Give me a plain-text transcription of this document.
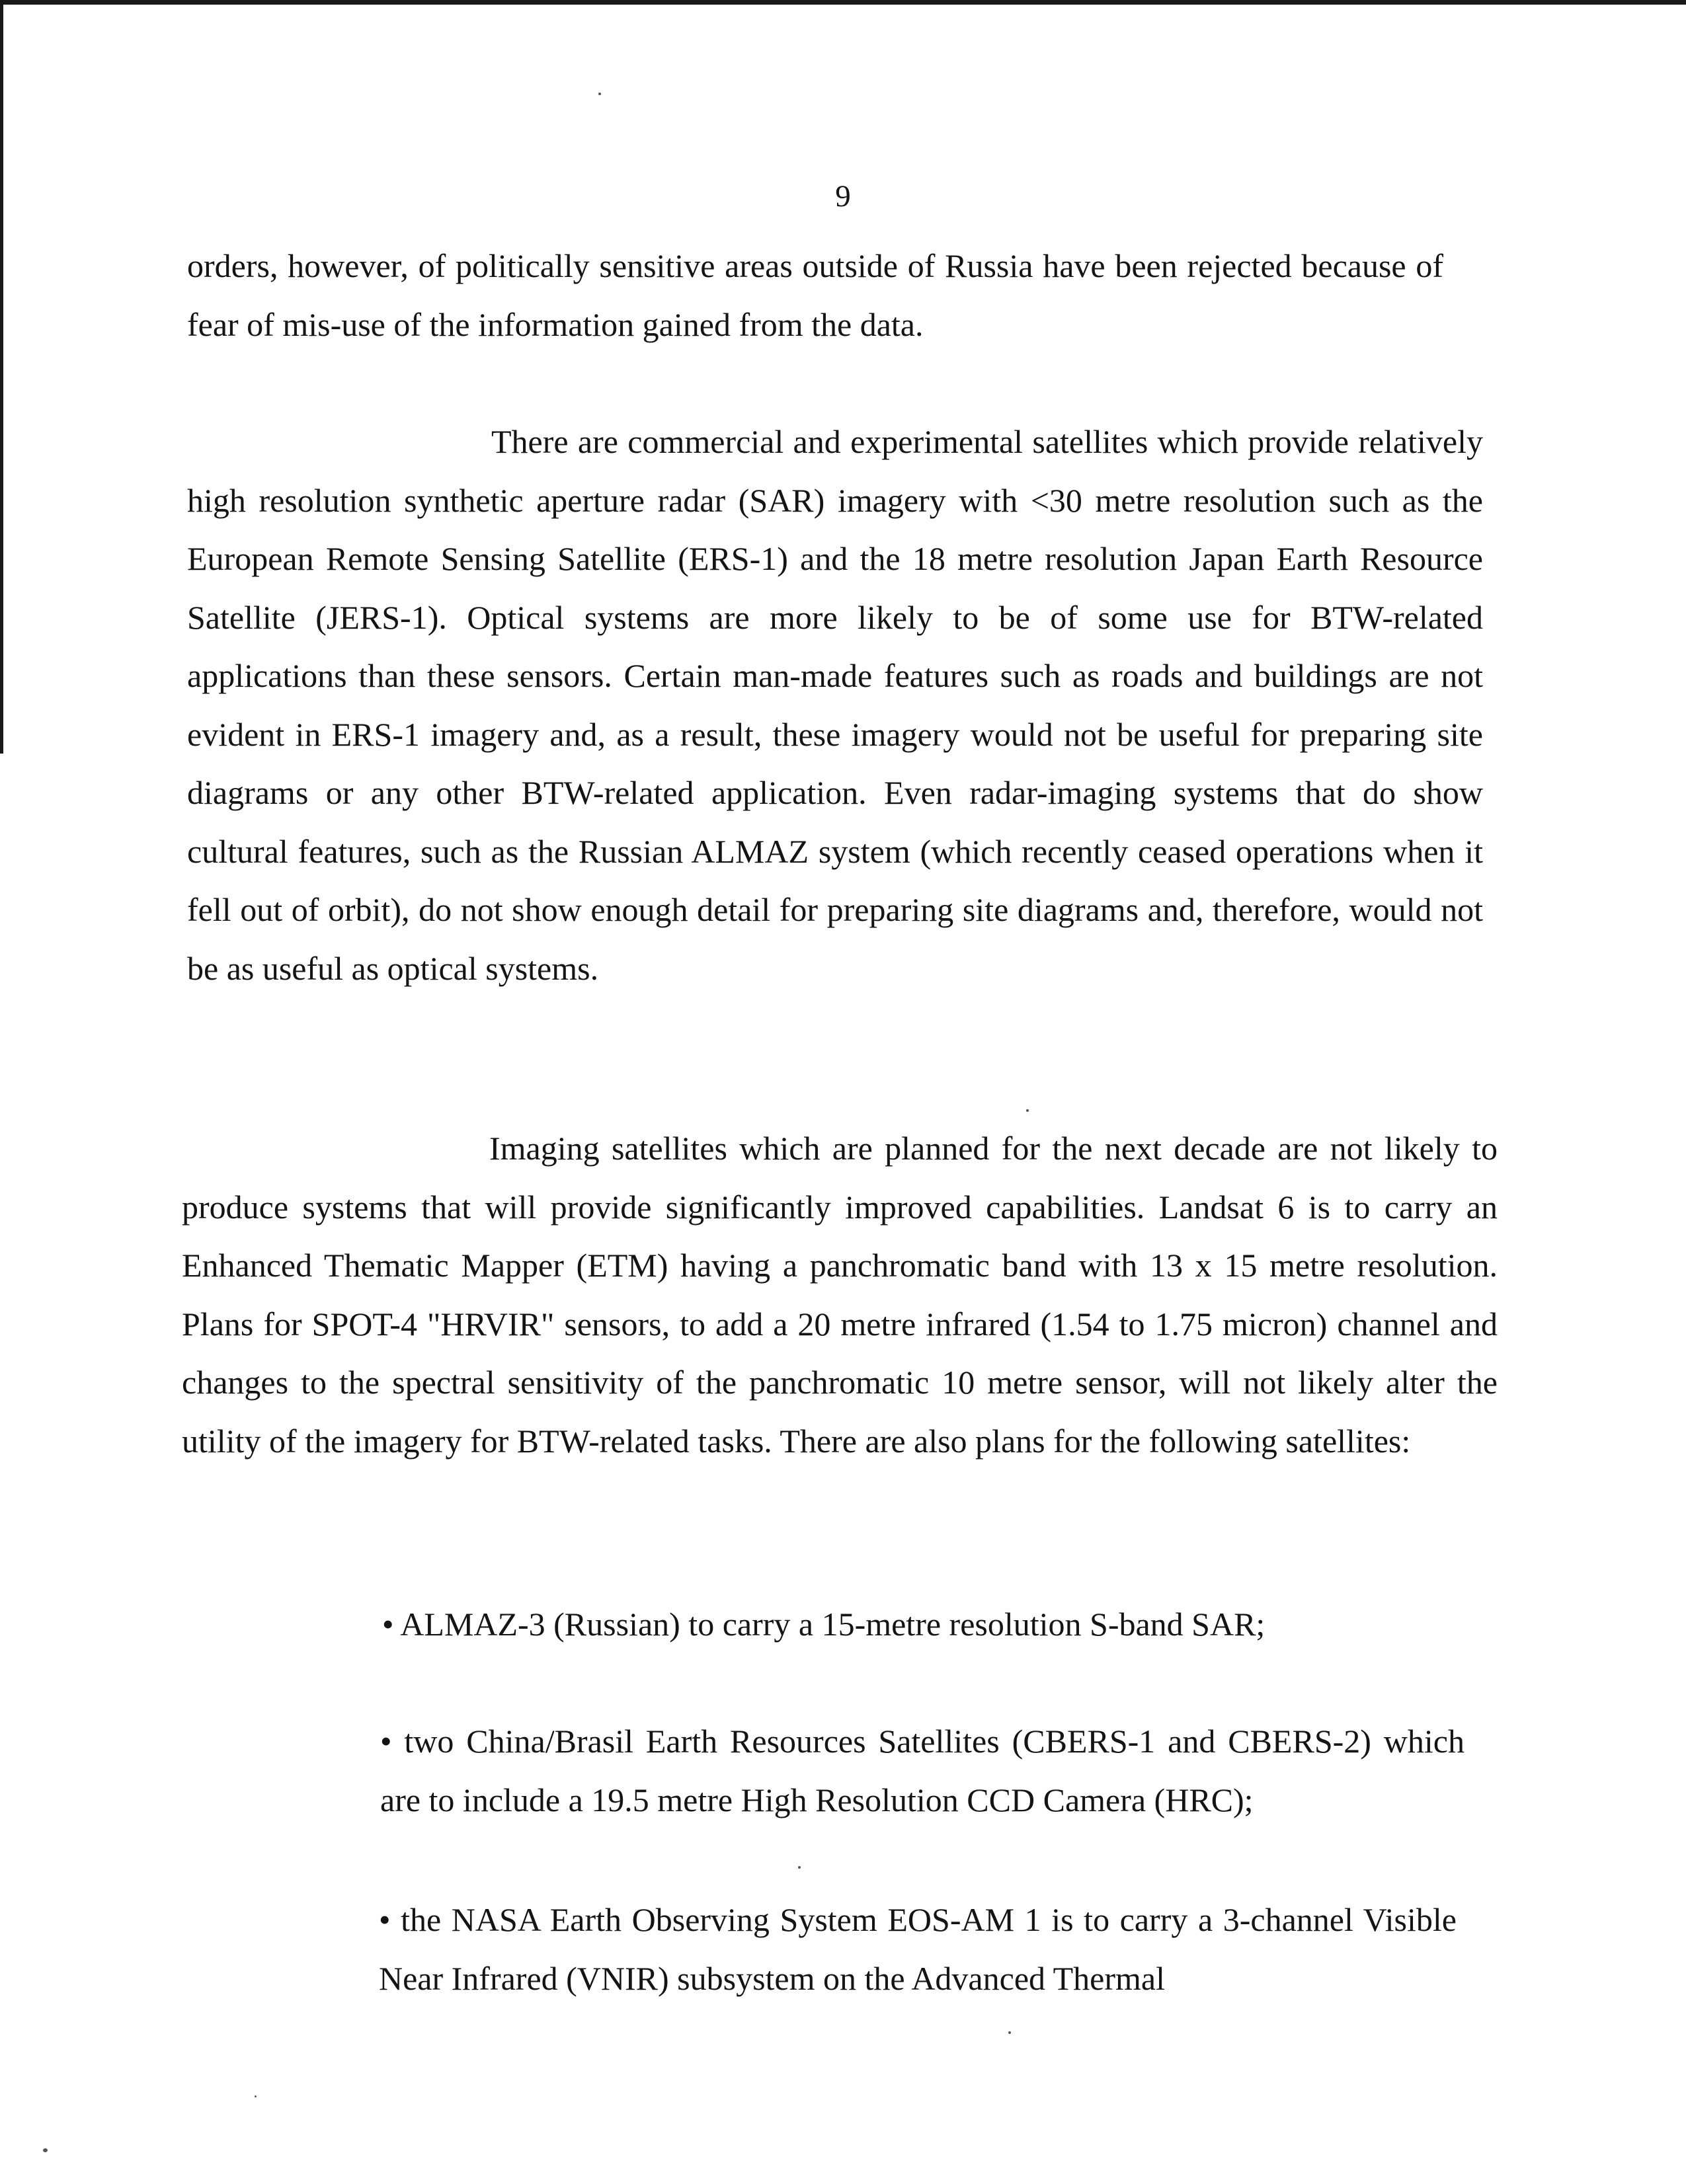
9

orders, however, of politically sensitive areas outside of Russia have been rejected because of fear of mis-use of the information gained from the data.

There are commercial and experimental satellites which provide relatively high resolution synthetic aperture radar (SAR) imagery with <30 metre resolution such as the European Remote Sensing Satellite (ERS-1) and the 18 metre resolution Japan Earth Resource Satellite (JERS-1). Optical systems are more likely to be of some use for BTW-related applications than these sensors. Certain man-made features such as roads and buildings are not evident in ERS-1 imagery and, as a result, these imagery would not be useful for preparing site diagrams or any other BTW-related application. Even radar-imaging systems that do show cultural features, such as the Russian ALMAZ system (which recently ceased operations when it fell out of orbit), do not show enough detail for preparing site diagrams and, therefore, would not be as useful as optical systems.

Imaging satellites which are planned for the next decade are not likely to produce systems that will provide significantly improved capabilities. Landsat 6 is to carry an Enhanced Thematic Mapper (ETM) having a panchromatic band with 13 x 15 metre resolution. Plans for SPOT-4 "HRVIR" sensors, to add a 20 metre infrared (1.54 to 1.75 micron) channel and changes to the spectral sensitivity of the panchromatic 10 metre sensor, will not likely alter the utility of the imagery for BTW-related tasks. There are also plans for the following satellites:

• ALMAZ-3 (Russian) to carry a 15-metre resolution S-band SAR;

• two China/Brasil Earth Resources Satellites (CBERS-1 and CBERS-2) which are to include a 19.5 metre High Resolution CCD Camera (HRC);

• the NASA Earth Observing System EOS-AM 1 is to carry a 3-channel Visible Near Infrared (VNIR) subsystem on the Advanced Thermal
